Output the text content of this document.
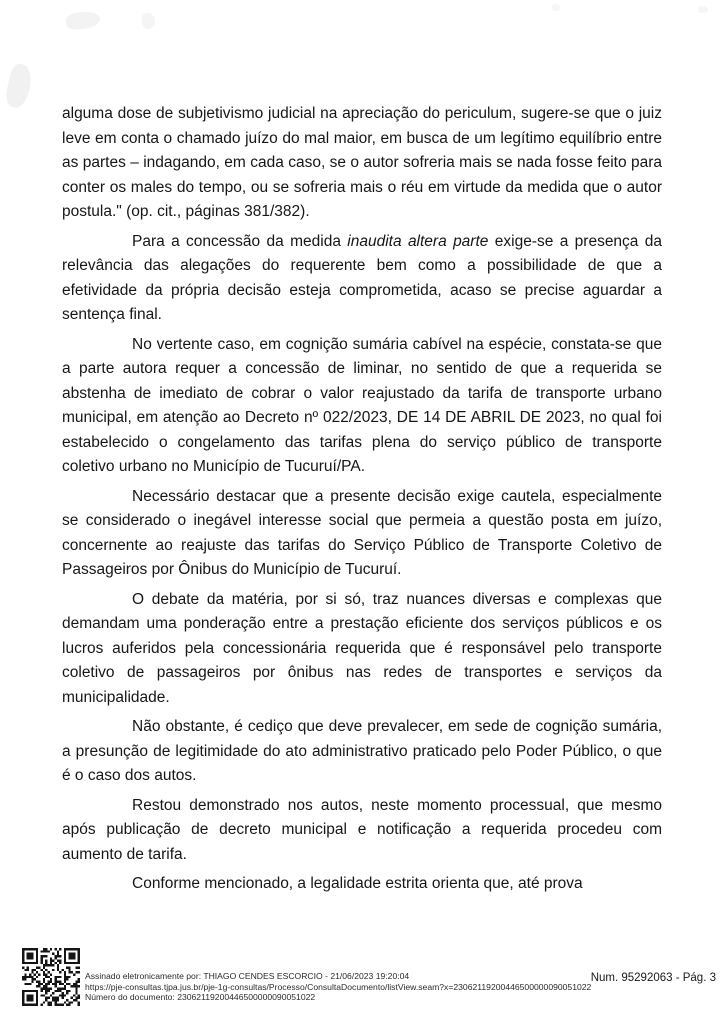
alguma dose de subjetivismo judicial na apreciação do periculum, sugere-se que o juiz leve em conta o chamado juízo do mal maior, em busca de um legítimo equilíbrio entre as partes – indagando, em cada caso, se o autor sofreria mais se nada fosse feito para conter os males do tempo, ou se sofreria mais o réu em virtude da medida que o autor postula." (op. cit., páginas 381/382).

Para a concessão da medida inaudita altera parte exige-se a presença da relevância das alegações do requerente bem como a possibilidade de que a efetividade da própria decisão esteja comprometida, acaso se precise aguardar a sentença final.

No vertente caso, em cognição sumária cabível na espécie, constata-se que a parte autora requer a concessão de liminar, no sentido de que a requerida se abstenha de imediato de cobrar o valor reajustado da tarifa de transporte urbano municipal, em atenção ao Decreto nº 022/2023, DE 14 DE ABRIL DE 2023, no qual foi estabelecido o congelamento das tarifas plena do serviço público de transporte coletivo urbano no Município de Tucuruí/PA.

Necessário destacar que a presente decisão exige cautela, especialmente se considerado o inegável interesse social que permeia a questão posta em juízo, concernente ao reajuste das tarifas do Serviço Público de Transporte Coletivo de Passageiros por Ônibus do Município de Tucuruí.

O debate da matéria, por si só, traz nuances diversas e complexas que demandam uma ponderação entre a prestação eficiente dos serviços públicos e os lucros auferidos pela concessionária requerida que é responsável pelo transporte coletivo de passageiros por ônibus nas redes de transportes e serviços da municipalidade.

Não obstante, é cediço que deve prevalecer, em sede de cognição sumária, a presunção de legitimidade do ato administrativo praticado pelo Poder Público, o que é o caso dos autos.

Restou demonstrado nos autos, neste momento processual, que mesmo após publicação de decreto municipal e notificação a requerida procedeu com aumento de tarifa.

Conforme mencionado, a legalidade estrita orienta que, até prova

Assinado eletronicamente por: THIAGO CENDES ESCORCIO - 21/06/2023 19:20:04
https://pje-consultas.tjpa.jus.br/pje-1g-consultas/Processo/ConsultaDocumento/listView.seam?x=23062119200446500000090051022
Número do documento: 23062119200446500000090051022
Num. 95292063 - Pág. 3
